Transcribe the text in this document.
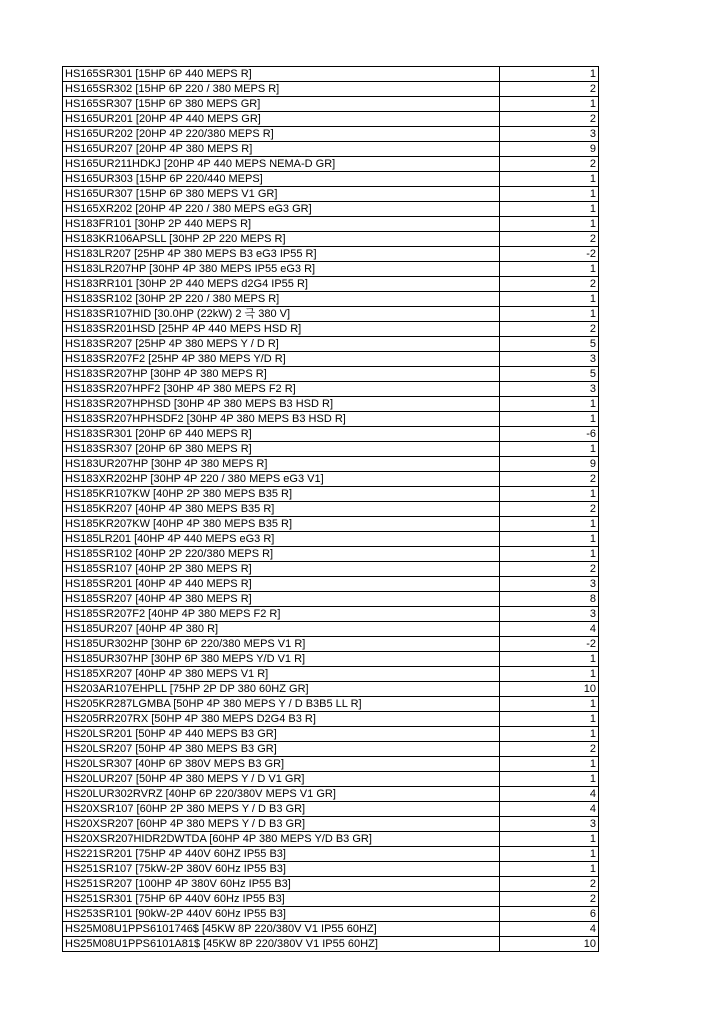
HS165SR301 [15HP 6P 440 MEPS R]	1
HS165SR302 [15HP 6P 220 / 380 MEPS R]	2
HS165SR307 [15HP 6P 380 MEPS GR]	1
HS165UR201 [20HP 4P 440 MEPS GR]	2
HS165UR202 [20HP 4P 220/380 MEPS R]	3
HS165UR207 [20HP 4P 380 MEPS R]	9
HS165UR211HDKJ [20HP 4P 440 MEPS NEMA-D GR]	2
HS165UR303 [15HP 6P 220/440 MEPS]	1
HS165UR307 [15HP 6P 380 MEPS V1 GR]	1
HS165XR202 [20HP 4P 220 / 380 MEPS eG3 GR]	1
HS183FR101 [30HP 2P 440 MEPS R]	1
HS183KR106APSLL [30HP 2P 220 MEPS R]	2
HS183LR207 [25HP 4P 380 MEPS B3 eG3 IP55 R]	-2
HS183LR207HP [30HP 4P 380 MEPS IP55 eG3 R]	1
HS183RR101 [30HP 2P 440 MEPS d2G4 IP55 R]	2
HS183SR102 [30HP 2P 220 / 380 MEPS R]	1
HS183SR107HID [30.0HP (22kW) 2 극 380 V]	1
HS183SR201HSD [25HP 4P 440 MEPS HSD R]	2
HS183SR207 [25HP 4P 380 MEPS Y / D R]	5
HS183SR207F2 [25HP 4P 380 MEPS Y/D R]	3
HS183SR207HP [30HP 4P 380 MEPS R]	5
HS183SR207HPF2 [30HP 4P 380 MEPS F2 R]	3
HS183SR207HPHSD [30HP 4P 380 MEPS B3 HSD R]	1
HS183SR207HPHSDF2 [30HP 4P 380 MEPS B3 HSD R]	1
HS183SR301 [20HP 6P 440 MEPS R]	-6
HS183SR307 [20HP 6P 380 MEPS R]	1
HS183UR207HP [30HP 4P 380 MEPS R]	9
HS183XR202HP [30HP 4P 220 / 380 MEPS eG3 V1]	2
HS185KR107KW [40HP 2P 380 MEPS B35 R]	1
HS185KR207 [40HP 4P 380 MEPS B35 R]	2
HS185KR207KW [40HP 4P 380 MEPS B35 R]	1
HS185LR201 [40HP 4P 440 MEPS eG3 R]	1
HS185SR102 [40HP 2P 220/380 MEPS R]	1
HS185SR107 [40HP 2P 380 MEPS R]	2
HS185SR201 [40HP 4P 440 MEPS R]	3
HS185SR207 [40HP 4P 380 MEPS R]	8
HS185SR207F2 [40HP 4P 380 MEPS F2 R]	3
HS185UR207 [40HP 4P 380 R]	4
HS185UR302HP [30HP 6P 220/380 MEPS V1 R]	-2
HS185UR307HP [30HP 6P 380 MEPS Y/D V1 R]	1
HS185XR207 [40HP 4P 380 MEPS V1 R]	1
HS203AR107EHPLL [75HP 2P DP 380 60HZ GR]	10
HS205KR287LGMBA [50HP 4P 380 MEPS Y / D B3B5 LL R]	1
HS205RR207RX [50HP 4P 380 MEPS D2G4 B3 R]	1
HS20LSR201 [50HP 4P 440 MEPS B3 GR]	1
HS20LSR207 [50HP 4P 380 MEPS B3 GR]	2
HS20LSR307 [40HP 6P 380V MEPS B3 GR]	1
HS20LUR207 [50HP 4P 380 MEPS Y / D V1 GR]	1
HS20LUR302RVRZ [40HP 6P 220/380V MEPS V1 GR]	4
HS20XSR107 [60HP 2P 380 MEPS Y / D B3 GR]	4
HS20XSR207 [60HP 4P 380 MEPS Y / D B3 GR]	3
HS20XSR207HIDR2DWTDA [60HP 4P 380 MEPS Y/D B3 GR]	1
HS221SR201 [75HP 4P 440V 60HZ IP55 B3]	1
HS251SR107 [75kW-2P 380V 60Hz IP55 B3]	1
HS251SR207 [100HP 4P 380V 60Hz IP55 B3]	2
HS251SR301 [75HP 6P 440V 60Hz IP55 B3]	2
HS253SR101 [90kW-2P 440V 60Hz IP55 B3]	6
HS25M08U1PPS6101746$ [45KW 8P 220/380V V1 IP55 60HZ]	4
HS25M08U1PPS6101A81$ [45KW 8P 220/380V V1 IP55 60HZ]	10
